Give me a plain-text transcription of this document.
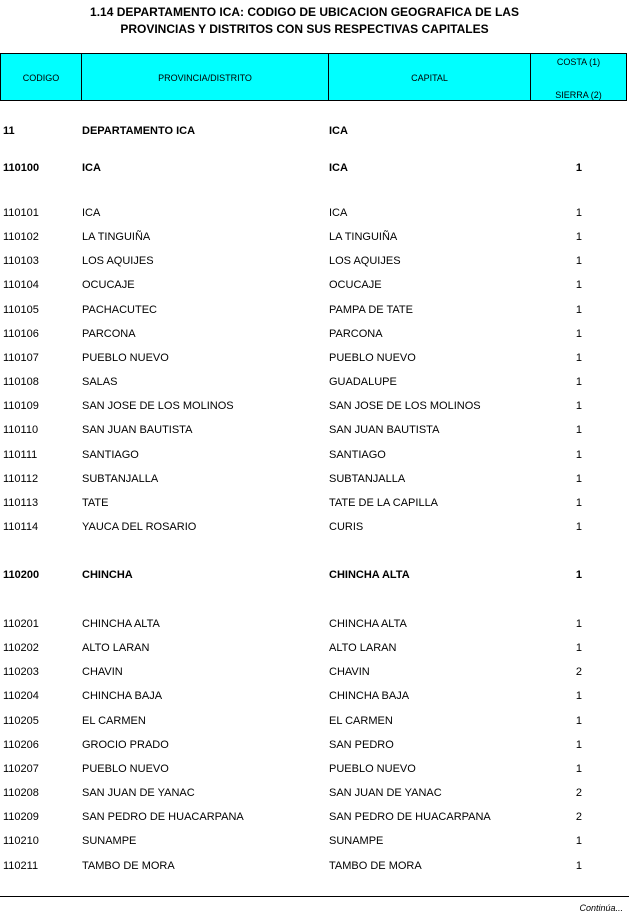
1.14 DEPARTAMENTO ICA: CODIGO DE UBICACION GEOGRAFICA DE LAS
PROVINCIAS Y DISTRITOS CON SUS RESPECTIVAS CAPITALES
CODIGO	PROVINCIA/DISTRITO	CAPITAL
COSTA (1)
SIERRA (2)
11	DEPARTAMENTO ICA	ICA
110100	ICA	ICA	1
110101	ICA	ICA	1
110102	LA TINGUIÑA	LA TINGUIÑA	1
110103	LOS AQUIJES	LOS AQUIJES	1
110104	OCUCAJE	OCUCAJE	1
110105	PACHACUTEC	PAMPA DE TATE	1
110106	PARCONA	PARCONA	1
110107	PUEBLO NUEVO	PUEBLO NUEVO	1
110108	SALAS	GUADALUPE	1
110109	SAN JOSE DE LOS MOLINOS	SAN JOSE DE LOS MOLINOS	1
110110	SAN JUAN BAUTISTA	SAN JUAN BAUTISTA	1
110111	SANTIAGO	SANTIAGO	1
110112	SUBTANJALLA	SUBTANJALLA	1
110113	TATE	TATE DE LA CAPILLA	1
110114	YAUCA DEL ROSARIO	CURIS	1
110200	CHINCHA	CHINCHA ALTA	1
110201	CHINCHA ALTA	CHINCHA ALTA	1
110202	ALTO LARAN	ALTO LARAN	1
110203	CHAVIN	CHAVIN	2
110204	CHINCHA BAJA	CHINCHA BAJA	1
110205	EL CARMEN	EL CARMEN	1
110206	GROCIO PRADO	SAN PEDRO	1
110207	PUEBLO NUEVO	PUEBLO NUEVO	1
110208	SAN JUAN DE YANAC	SAN JUAN DE YANAC	2
110209	SAN PEDRO DE HUACARPANA	SAN PEDRO DE HUACARPANA	2
110210	SUNAMPE	SUNAMPE	1
110211	TAMBO DE MORA	TAMBO DE MORA	1
Continúa...
